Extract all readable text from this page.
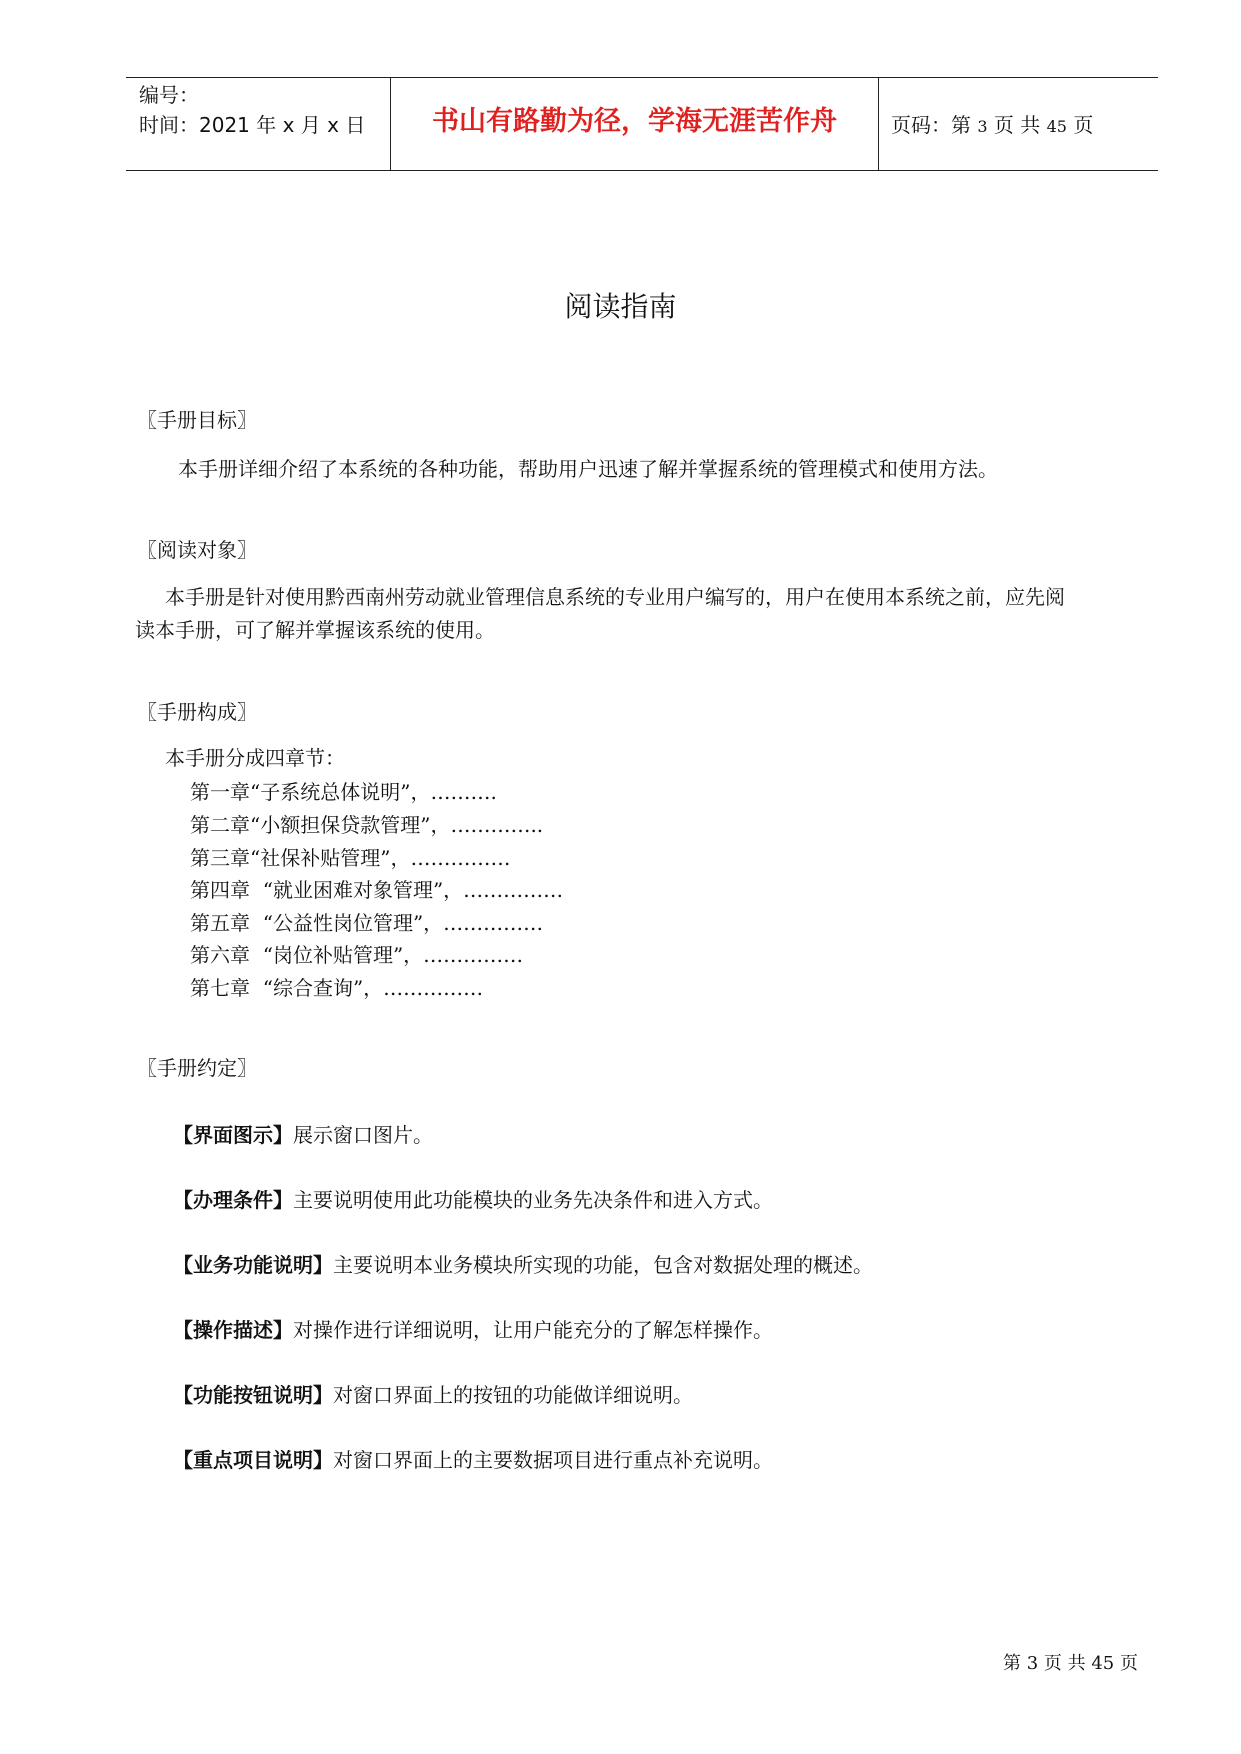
编号：
时间：2021 年 x 月 x 日	书山有路勤为径，学海无涯苦作舟	页码：第 3 页 共 45 页
阅读指南
〖手册目标〗
本手册详细介绍了本系统的各种功能，帮助用户迅速了解并掌握系统的管理模式和使用方法。
〖阅读对象〗
本手册是针对使用黔西南州劳动就业管理信息系统的专业用户编写的，用户在使用本系统之前，应先阅
读本手册，可了解并掌握该系统的使用。
〖手册构成〗
本手册分成四章节：
第一章“子系统总体说明”，……….
第二章“小额担保贷款管理”，…………..
第三章“社保补贴管理”，……………
第四章  “就业困难对象管理”，……………
第五章  “公益性岗位管理”，……………
第六章  “岗位补贴管理”，……………
第七章  “综合查询”，……………
〖手册约定〗
【界面图示】展示窗口图片。
【办理条件】主要说明使用此功能模块的业务先决条件和进入方式。
【业务功能说明】主要说明本业务模块所实现的功能，包含对数据处理的概述。
【操作描述】对操作进行详细说明，让用户能充分的了解怎样操作。
【功能按钮说明】对窗口界面上的按钮的功能做详细说明。
【重点项目说明】对窗口界面上的主要数据项目进行重点补充说明。
第 3 页 共 45 页
